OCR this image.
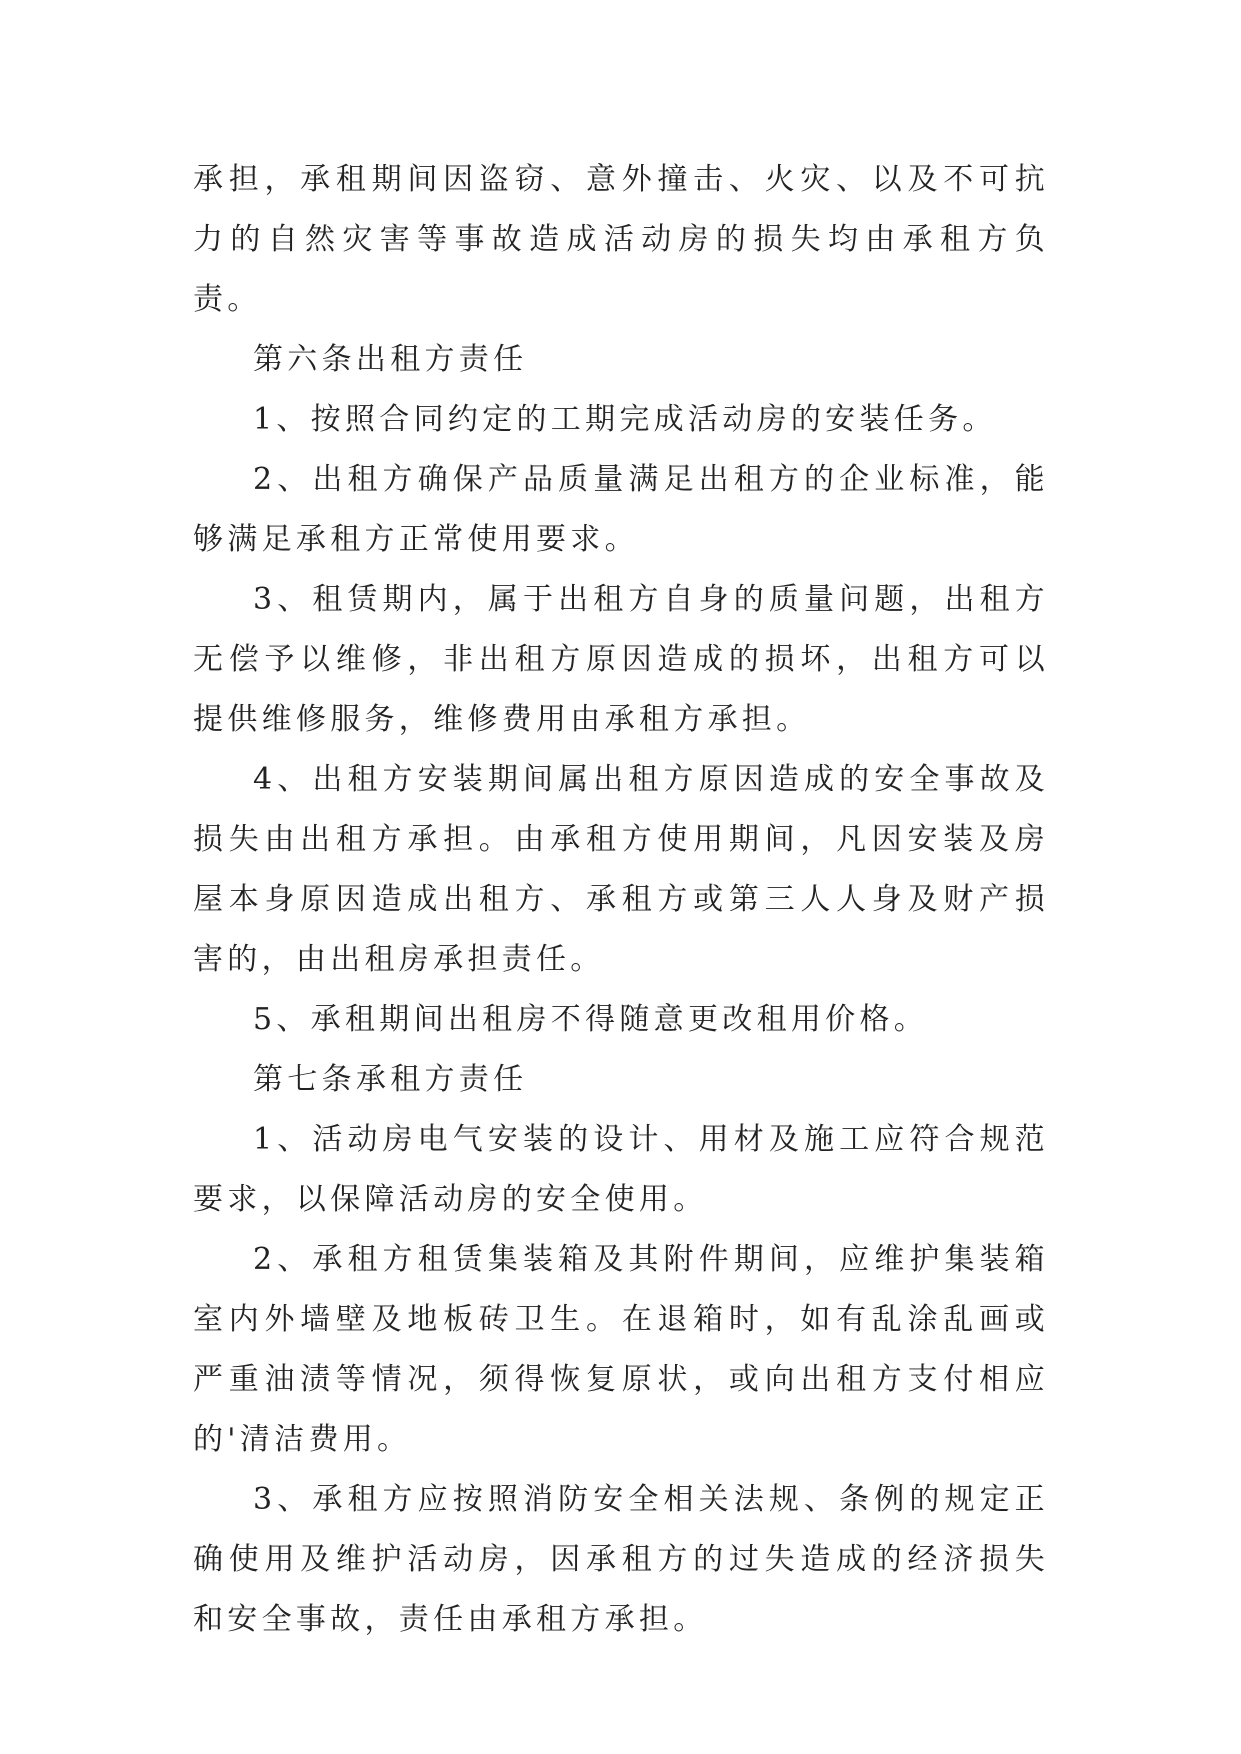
承担，承租期间因盗窃、意外撞击、火灾、以及不可抗力的自然灾害等事故造成活动房的损失均由承租方负责。

第六条出租方责任

1、按照合同约定的工期完成活动房的安装任务。

2、出租方确保产品质量满足出租方的企业标准，能够满足承租方正常使用要求。

3、租赁期内，属于出租方自身的质量问题，出租方无偿予以维修，非出租方原因造成的损坏，出租方可以提供维修服务，维修费用由承租方承担。

4、出租方安装期间属出租方原因造成的安全事故及损失由出租方承担。由承租方使用期间，凡因安装及房屋本身原因造成出租方、承租方或第三人人身及财产损害的，由出租房承担责任。

5、承租期间出租房不得随意更改租用价格。

第七条承租方责任

1、活动房电气安装的设计、用材及施工应符合规范要求，以保障活动房的安全使用。

2、承租方租赁集装箱及其附件期间，应维护集装箱室内外墙壁及地板砖卫生。在退箱时，如有乱涂乱画或严重油渍等情况，须得恢复原状，或向出租方支付相应的'清洁费用。

3、承租方应按照消防安全相关法规、条例的规定正确使用及维护活动房，因承租方的过失造成的经济损失和安全事故，责任由承租方承担。
